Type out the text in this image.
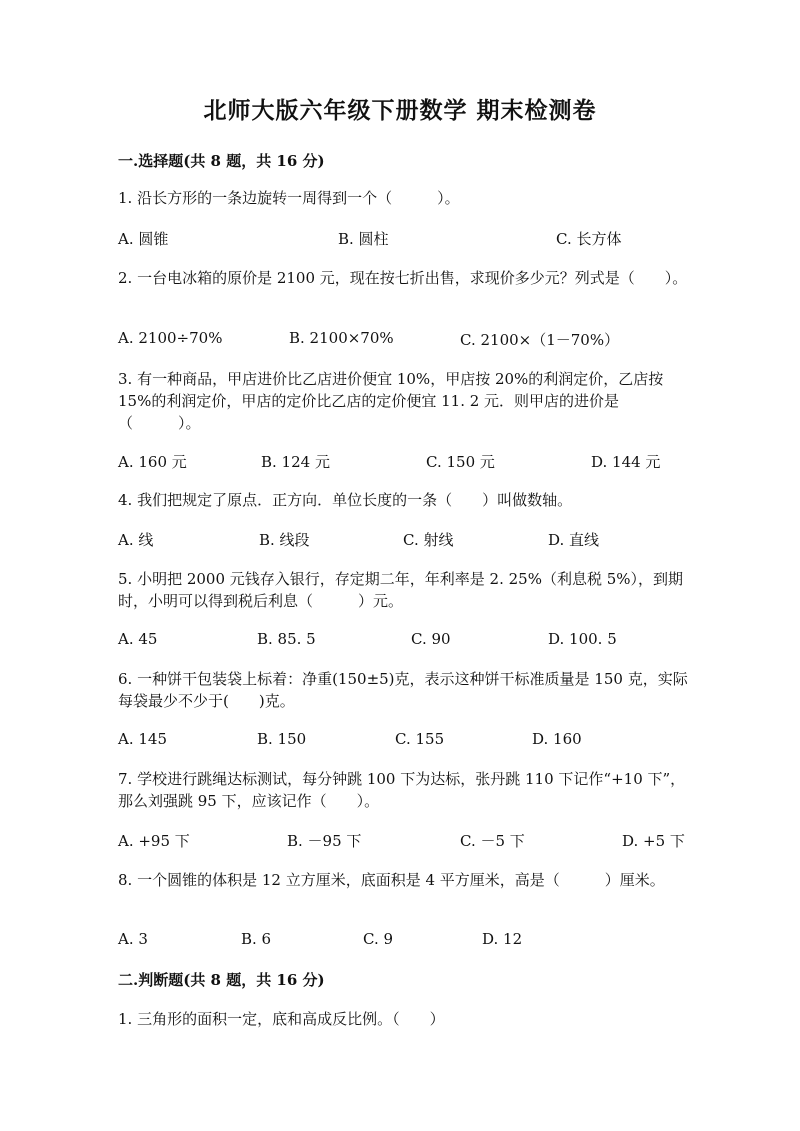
北师大版六年级下册数学 期末检测卷
一.选择题(共 8 题，共 16 分)
1. 沿长方形的一条边旋转一周得到一个（　　　）。
A. 圆锥	B. 圆柱	C. 长方体
2. 一台电冰箱的原价是 2100 元，现在按七折出售，求现价多少元？列式是（　　）。
A. 2100÷70%	B. 2100×70%	C. 2100×（1－70%）
3. 有一种商品，甲店进价比乙店进价便宜 10%，甲店按 20%的利润定价，乙店按 15%的利润定价，甲店的定价比乙店的定价便宜 11. 2 元．则甲店的进价是（　　　）。
A. 160 元	B. 124 元	C. 150 元	D. 144 元
4. 我们把规定了原点．正方向．单位长度的一条（　　）叫做数轴。
A. 线	B. 线段	C. 射线	D. 直线
5. 小明把 2000 元钱存入银行，存定期二年，年利率是 2. 25%（利息税 5%），到期时，小明可以得到税后利息（　　　）元。
A. 45	B. 85. 5	C. 90	D. 100. 5
6. 一种饼干包装袋上标着：净重(150±5)克，表示这种饼干标准质量是 150 克，实际每袋最少不少于(　　)克。
A. 145	B. 150	C. 155	D. 160
7. 学校进行跳绳达标测试，每分钟跳 100 下为达标，张丹跳 110 下记作“+10 下”，那么刘强跳 95 下，应该记作（　　）。
A. +95 下	B. －95 下	C. －5 下	D. +5 下
8. 一个圆锥的体积是 12 立方厘米，底面积是 4 平方厘米，高是（　　　）厘米。
A. 3	B. 6	C. 9	D. 12
二.判断题(共 8 题，共 16 分)
1. 三角形的面积一定，底和高成反比例。（　　）
